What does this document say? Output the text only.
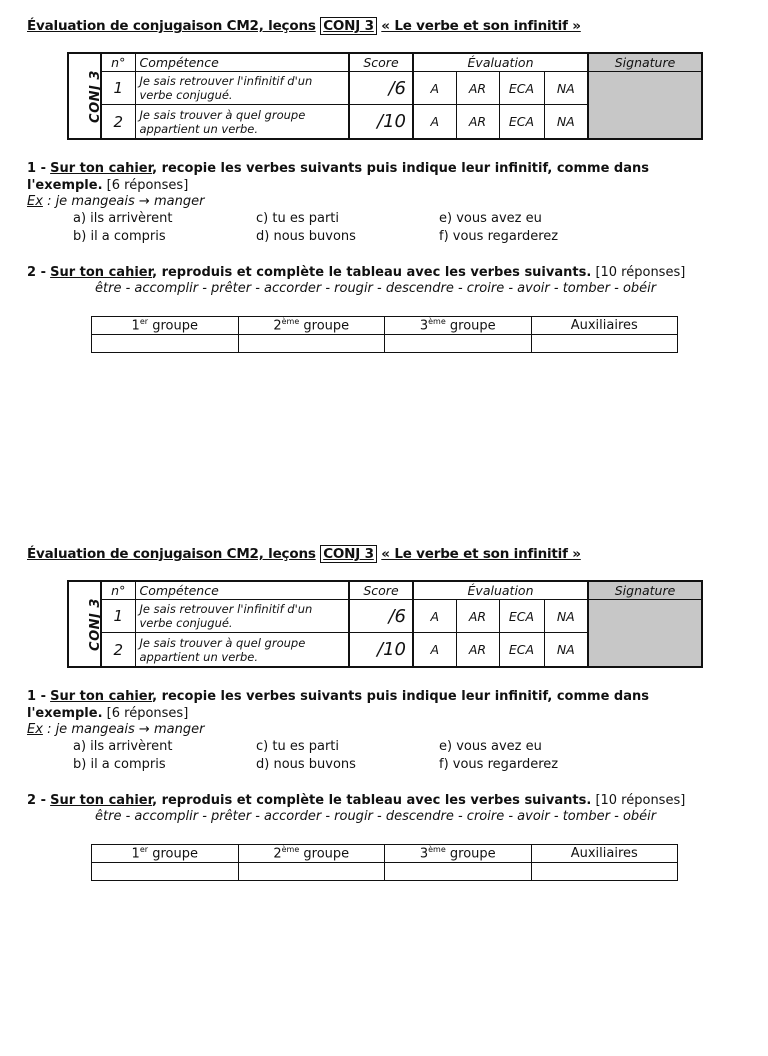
Évaluation de conjugaison CM2, leçons CONJ 3 « Le verbe et son infinitif »
CONJ 3	n°	Compétence	Score	Évaluation				Signature
	1	Je sais retrouver l'infinitif d'un verbe conjugué.	/6	A	AR	ECA	NA	
	2	Je sais trouver à quel groupe appartient un verbe.	/10	A	AR	ECA	NA	
1 - Sur ton cahier, recopie les verbes suivants puis indique leur infinitif, comme dans l'exemple. [6 réponses]
Ex : je mangeais → manger
a) ils arrivèrent
b) il a compris
c) tu es parti
d) nous buvons
e) vous avez eu
f) vous regarderez
2 - Sur ton cahier, reproduis et complète le tableau avec les verbes suivants. [10 réponses]
être - accomplir - prêter - accorder - rougir - descendre - croire - avoir - tomber - obéir
1er groupe	2ème groupe	3ème groupe	Auxiliaires

Évaluation de conjugaison CM2, leçons CONJ 3 « Le verbe et son infinitif »
CONJ 3	n°	Compétence	Score	Évaluation				Signature
	1	Je sais retrouver l'infinitif d'un verbe conjugué.	/6	A	AR	ECA	NA	
	2	Je sais trouver à quel groupe appartient un verbe.	/10	A	AR	ECA	NA	
1 - Sur ton cahier, recopie les verbes suivants puis indique leur infinitif, comme dans l'exemple. [6 réponses]
Ex : je mangeais → manger
a) ils arrivèrent
b) il a compris
c) tu es parti
d) nous buvons
e) vous avez eu
f) vous regarderez
2 - Sur ton cahier, reproduis et complète le tableau avec les verbes suivants. [10 réponses]
être - accomplir - prêter - accorder - rougir - descendre - croire - avoir - tomber - obéir
1er groupe	2ème groupe	3ème groupe	Auxiliaires
